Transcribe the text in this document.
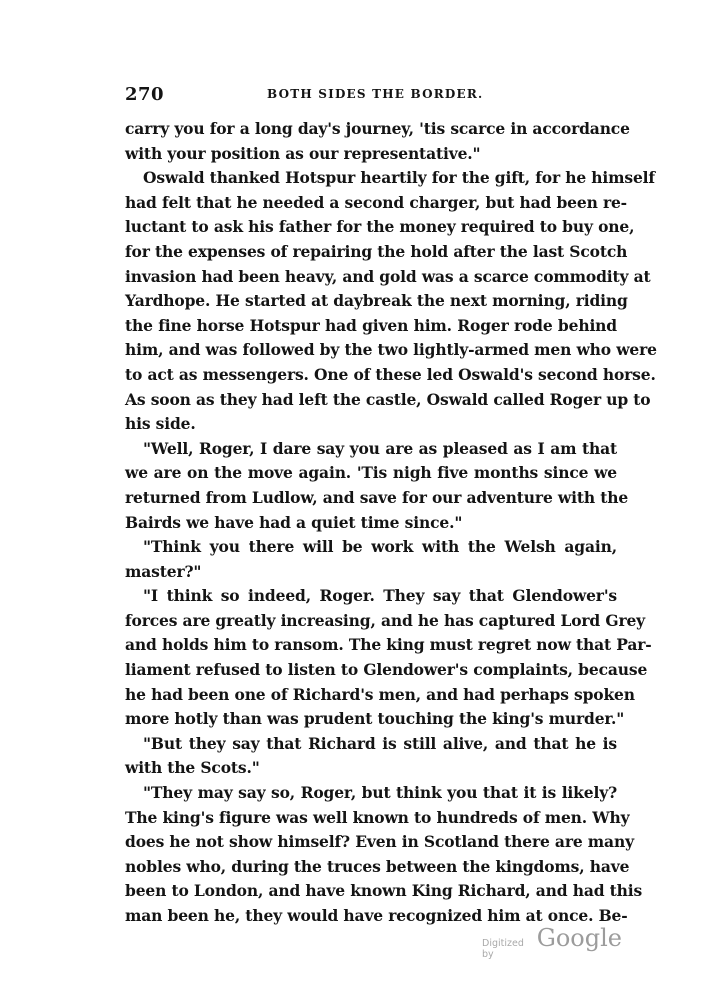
270	BOTH SIDES THE BORDER.
carry you for a long day's journey, 'tis scarce in accordance
with your position as our representative."
Oswald thanked Hotspur heartily for the gift, for he himself
had felt that he needed a second charger, but had been re-
luctant to ask his father for the money required to buy one,
for the expenses of repairing the hold after the last Scotch
invasion had been heavy, and gold was a scarce commodity at
Yardhope. He started at daybreak the next morning, riding
the fine horse Hotspur had given him. Roger rode behind
him, and was followed by the two lightly-armed men who were
to act as messengers. One of these led Oswald's second horse.
As soon as they had left the castle, Oswald called Roger up to
his side.
"Well, Roger, I dare say you are as pleased as I am that
we are on the move again. 'Tis nigh five months since we
returned from Ludlow, and save for our adventure with the
Bairds we have had a quiet time since."
"Think you there will be work with the Welsh again,
master?"
"I think so indeed, Roger. They say that Glendower's
forces are greatly increasing, and he has captured Lord Grey
and holds him to ransom. The king must regret now that Par-
liament refused to listen to Glendower's complaints, because
he had been one of Richard's men, and had perhaps spoken
more hotly than was prudent touching the king's murder."
"But they say that Richard is still alive, and that he is
with the Scots."
"They may say so, Roger, but think you that it is likely?
The king's figure was well known to hundreds of men. Why
does he not show himself? Even in Scotland there are many
nobles who, during the truces between the kingdoms, have
been to London, and have known King Richard, and had this
man been he, they would have recognized him at once. Be-
Digitized by
Google
